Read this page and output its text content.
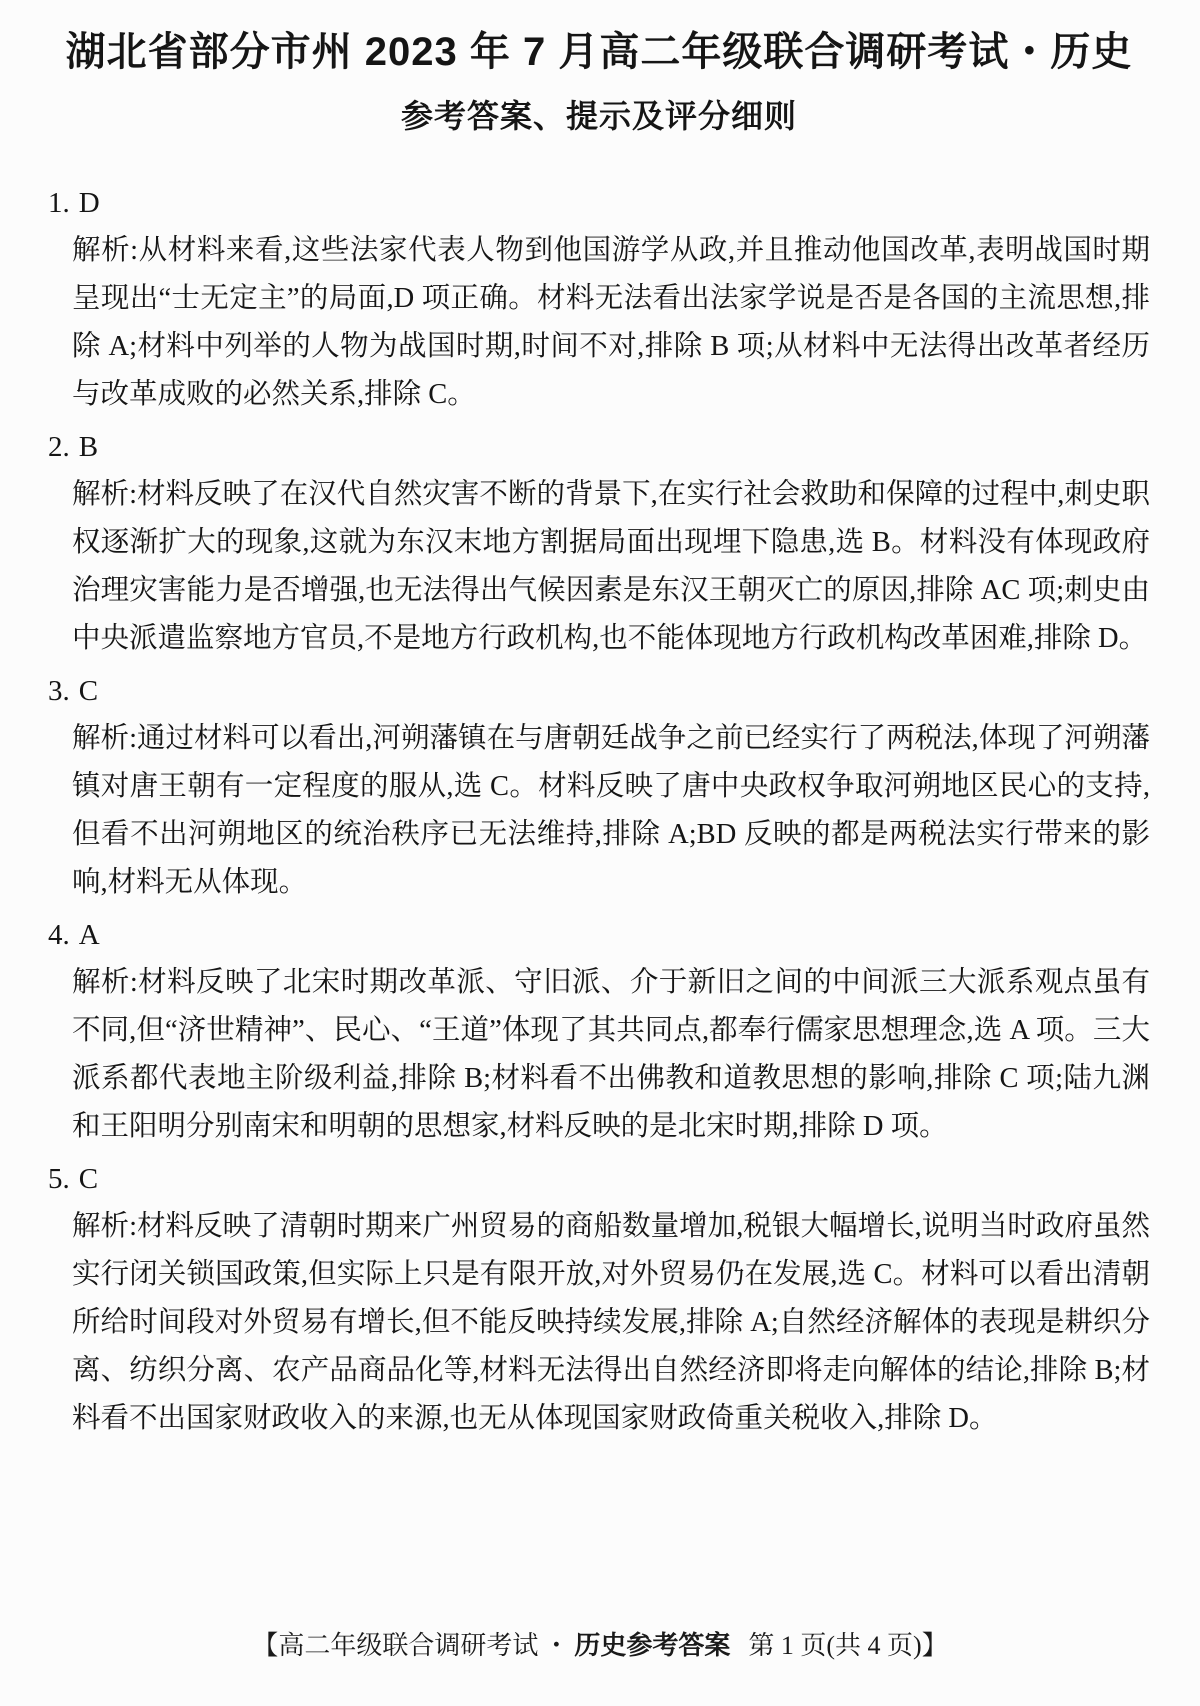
湖北省部分市州 2023 年 7 月高二年级联合调研考试・历史
参考答案、提示及评分细则
1. D

解析:从材料来看,这些法家代表人物到他国游学从政,并且推动他国改革,表明战国时期呈现出“士无定主”的局面,D 项正确。材料无法看出法家学说是否是各国的主流思想,排除 A;材料中列举的人物为战国时期,时间不对,排除 B 项;从材料中无法得出改革者经历与改革成败的必然关系,排除 C。

2. B

解析:材料反映了在汉代自然灾害不断的背景下,在实行社会救助和保障的过程中,刺史职权逐渐扩大的现象,这就为东汉末地方割据局面出现埋下隐患,选 B。材料没有体现政府治理灾害能力是否增强,也无法得出气候因素是东汉王朝灭亡的原因,排除 AC 项;刺史由中央派遣监察地方官员,不是地方行政机构,也不能体现地方行政机构改革困难,排除 D。

3. C

解析:通过材料可以看出,河朔藩镇在与唐朝廷战争之前已经实行了两税法,体现了河朔藩镇对唐王朝有一定程度的服从,选 C。材料反映了唐中央政权争取河朔地区民心的支持,但看不出河朔地区的统治秩序已无法维持,排除 A;BD 反映的都是两税法实行带来的影响,材料无从体现。

4. A

解析:材料反映了北宋时期改革派、守旧派、介于新旧之间的中间派三大派系观点虽有不同,但“济世精神”、民心、“王道”体现了其共同点,都奉行儒家思想理念,选 A 项。三大派系都代表地主阶级利益,排除 B;材料看不出佛教和道教思想的影响,排除 C 项;陆九渊和王阳明分别南宋和明朝的思想家,材料反映的是北宋时期,排除 D 项。

5. C

解析:材料反映了清朝时期来广州贸易的商船数量增加,税银大幅增长,说明当时政府虽然实行闭关锁国政策,但实际上只是有限开放,对外贸易仍在发展,选 C。材料可以看出清朝所给时间段对外贸易有增长,但不能反映持续发展,排除 A;自然经济解体的表现是耕织分离、纺织分离、农产品商品化等,材料无法得出自然经济即将走向解体的结论,排除 B;材料看不出国家财政收入的来源,也无从体现国家财政倚重关税收入,排除 D。

【高二年级联合调研考试 ・ 历史参考答案 第 1 页(共 4 页)】
